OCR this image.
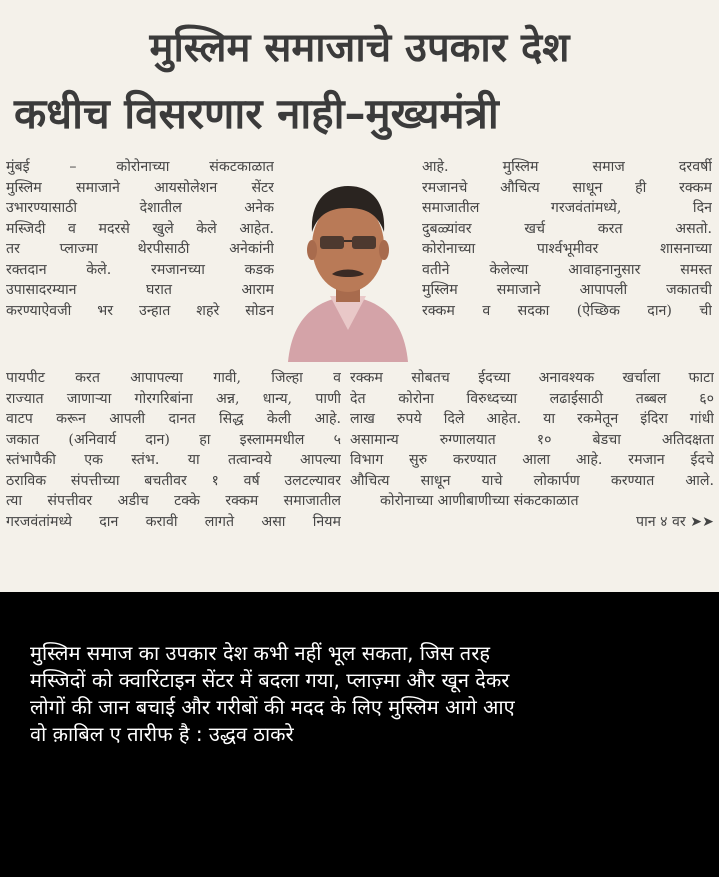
मुस्लिम समाजाचे उपकार देश
कधीच विसरणार नाही–मुख्यमंत्री
मुंबई – कोरोनाच्या संकटकाळात
मुस्लिम समाजाने आयसोलेशन सेंटर
उभारण्यासाठी देशातील अनेक
मस्जिदी व मदरसे खुले केले आहेत.
तर प्लाज्मा थेरपीसाठी अनेकांनी
रक्तदान केले. रमजानच्या कडक
उपासादरम्यान घरात आराम
करण्याऐवजी भर उन्हात शहरे सोडन
आहे. मुस्लिम समाज दरवर्षी
रमजानचे औचित्य साधून ही रक्कम
समाजातील गरजवंतांमध्ये, दिन
दुबळ्यांवर खर्च करत असतो.
कोरोनाच्या पार्श्वभूमीवर शासनाच्या
वतीने केलेल्या आवाहनानुसार समस्त
मुस्लिम समाजाने आपापली जकातची
रक्कम व सदका (ऐच्छिक दान) ची
पायपीट करत आपापल्या गावी, जिल्हा व
राज्यात जाणाऱ्या गोरगरिबांना अन्न, धान्य, पाणी
वाटप करून आपली दानत सिद्ध केली आहे.
जकात (अनिवार्य दान) हा इस्लाममधील ५
स्तंभापैकी एक स्तंभ. या तत्वान्वये आपल्या
ठराविक संपत्तीच्या बचतीवर १ वर्ष उलटल्यावर
त्या संपत्तीवर अडीच टक्के रक्कम समाजातील
गरजवंतांमध्ये दान करावी लागते असा नियम
रक्कम सोबतच ईदच्या अनावश्यक खर्चाला फाटा
देत कोरोना विरुध्दच्या लढाईसाठी तब्बल ६०
लाख रुपये दिले आहेत. या रकमेतून इंदिरा गांधी
असामान्य रुग्णालयात १० बेडचा अतिदक्षता
विभाग सुरु करण्यात आला आहे. रमजान ईदचे
औचित्य साधून याचे लोकार्पण करण्यात आले.
कोरोनाच्या आणीबाणीच्या संकटकाळात
पान ४ वर ➤➤
मुस्लिम समाज का उपकार देश कभी नहीं भूल सकता, जिस तरह
मस्जिदों को क्वारिंटाइन सेंटर में बदला गया, प्लाज़्मा और खून देकर
लोगों की जान बचाई और गरीबों की मदद के लिए मुस्लिम आगे आए
वो क़ाबिल ए तारीफ है : उद्धव ठाकरे
